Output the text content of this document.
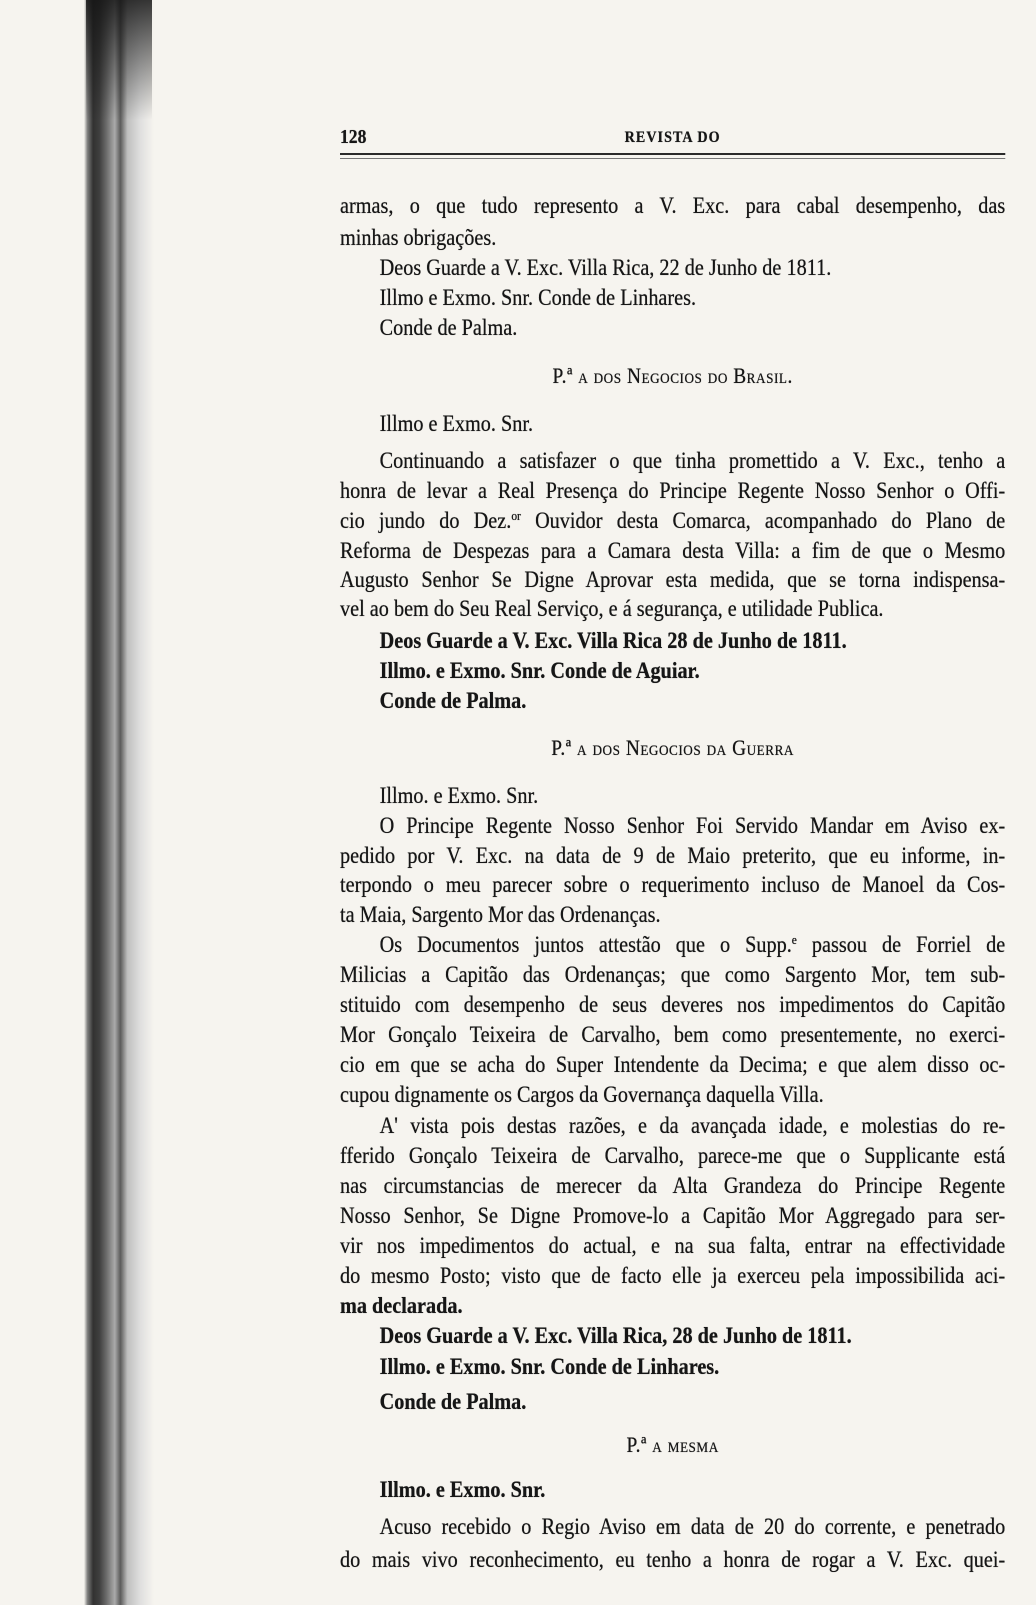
128	REVISTA DO
armas, o que tudo represento a V. Exc. para cabal desempenho, das
minhas obrigações.
Deos Guarde a V. Exc. Villa Rica, 22 de Junho de 1811.
Illmo e Exmo. Snr. Conde de Linhares.
Conde de Palma.
P.ª a dos Negocios do Brasil.
Illmo e Exmo. Snr.
Continuando a satisfazer o que tinha promettido a V. Exc., tenho a
honra de levar a Real Presença do Principe Regente Nosso Senhor o Offi-
cio jundo do Dez.$^{or}$ Ouvidor desta Comarca, acompanhado do Plano de
Reforma de Despezas para a Camara desta Villa: a fim de que o Mesmo
Augusto Senhor Se Digne Aprovar esta medida, que se torna indispensa-
vel ao bem do Seu Real Serviço, e á segurança, e utilidade Publica.
Deos Guarde a V. Exc. Villa Rica 28 de Junho de 1811.
Illmo. e Exmo. Snr. Conde de Aguiar.
Conde de Palma.
P.ª a dos Negocios da Guerra
Illmo. e Exmo. Snr.
O Principe Regente Nosso Senhor Foi Servido Mandar em Aviso ex-
pedido por V. Exc. na data de 9 de Maio preterito, que eu informe, in-
terpondo o meu parecer sobre o requerimento incluso de Manoel da Cos-
ta Maia, Sargento Mor das Ordenanças.
Os Documentos juntos attestão que o Supp.$^e$ passou de Forriel de
Milicias a Capitão das Ordenanças; que como Sargento Mor, tem sub-
stituido com desempenho de seus deveres nos impedimentos do Capitão
Mor Gonçalo Teixeira de Carvalho, bem como presentemente, no exerci-
cio em que se acha do Super Intendente da Decima; e que alem disso oc-
cupou dignamente os Cargos da Governança daquella Villa.
A' vista pois destas razões, e da avançada idade, e molestias do re-
fferido Gonçalo Teixeira de Carvalho, parece-me que o Supplicante está
nas circumstancias de merecer da Alta Grandeza do Principe Regente
Nosso Senhor, Se Digne Promove-lo a Capitão Mor Aggregado para ser-
vir nos impedimentos do actual, e na sua falta, entrar na effectividade
do mesmo Posto; visto que de facto elle ja exerceu pela impossibilida aci-
ma declarada.
Deos Guarde a V. Exc. Villa Rica, 28 de Junho de 1811.
Illmo. e Exmo. Snr. Conde de Linhares.
Conde de Palma.
P.ª a mesma
Illmo. e Exmo. Snr.
Acuso recebido o Regio Aviso em data de 20 do corrente, e penetrado
do mais vivo reconhecimento, eu tenho a honra de rogar a V. Exc. quei-
